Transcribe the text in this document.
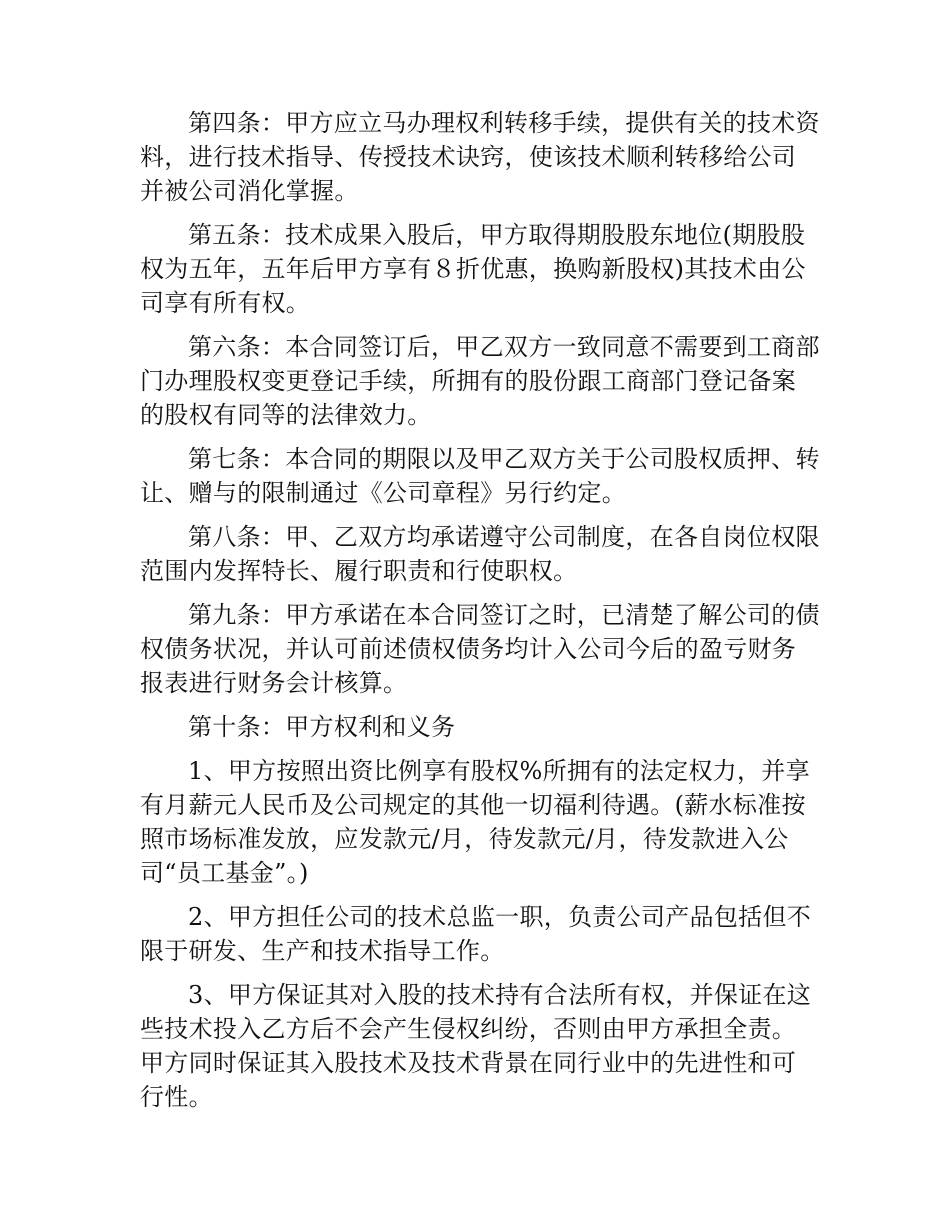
第四条：甲方应立马办理权利转移手续，提供有关的技术资料，进行技术指导、传授技术诀窍，使该技术顺利转移给公司并被公司消化掌握。

第五条：技术成果入股后，甲方取得期股股东地位(期股股权为五年，五年后甲方享有８折优惠，换购新股权)其技术由公司享有所有权。

第六条：本合同签订后，甲乙双方一致同意不需要到工商部门办理股权变更登记手续，所拥有的股份跟工商部门登记备案的股权有同等的法律效力。

第七条：本合同的期限以及甲乙双方关于公司股权质押、转让、赠与的限制通过《公司章程》另行约定。

第八条：甲、乙双方均承诺遵守公司制度，在各自岗位权限范围内发挥特长、履行职责和行使职权。

第九条：甲方承诺在本合同签订之时，已清楚了解公司的债权债务状况，并认可前述债权债务均计入公司今后的盈亏财务报表进行财务会计核算。

第十条：甲方权利和义务

1、甲方按照出资比例享有股权%所拥有的法定权力，并享有月薪元人民币及公司规定的其他一切福利待遇。(薪水标准按照市场标准发放，应发款元/月，待发款元/月，待发款进入公司“员工基金”。)

2、甲方担任公司的技术总监一职，负责公司产品包括但不限于研发、生产和技术指导工作。

3、甲方保证其对入股的技术持有合法所有权，并保证在这些技术投入乙方后不会产生侵权纠纷，否则由甲方承担全责。甲方同时保证其入股技术及技术背景在同行业中的先进性和可行性。
